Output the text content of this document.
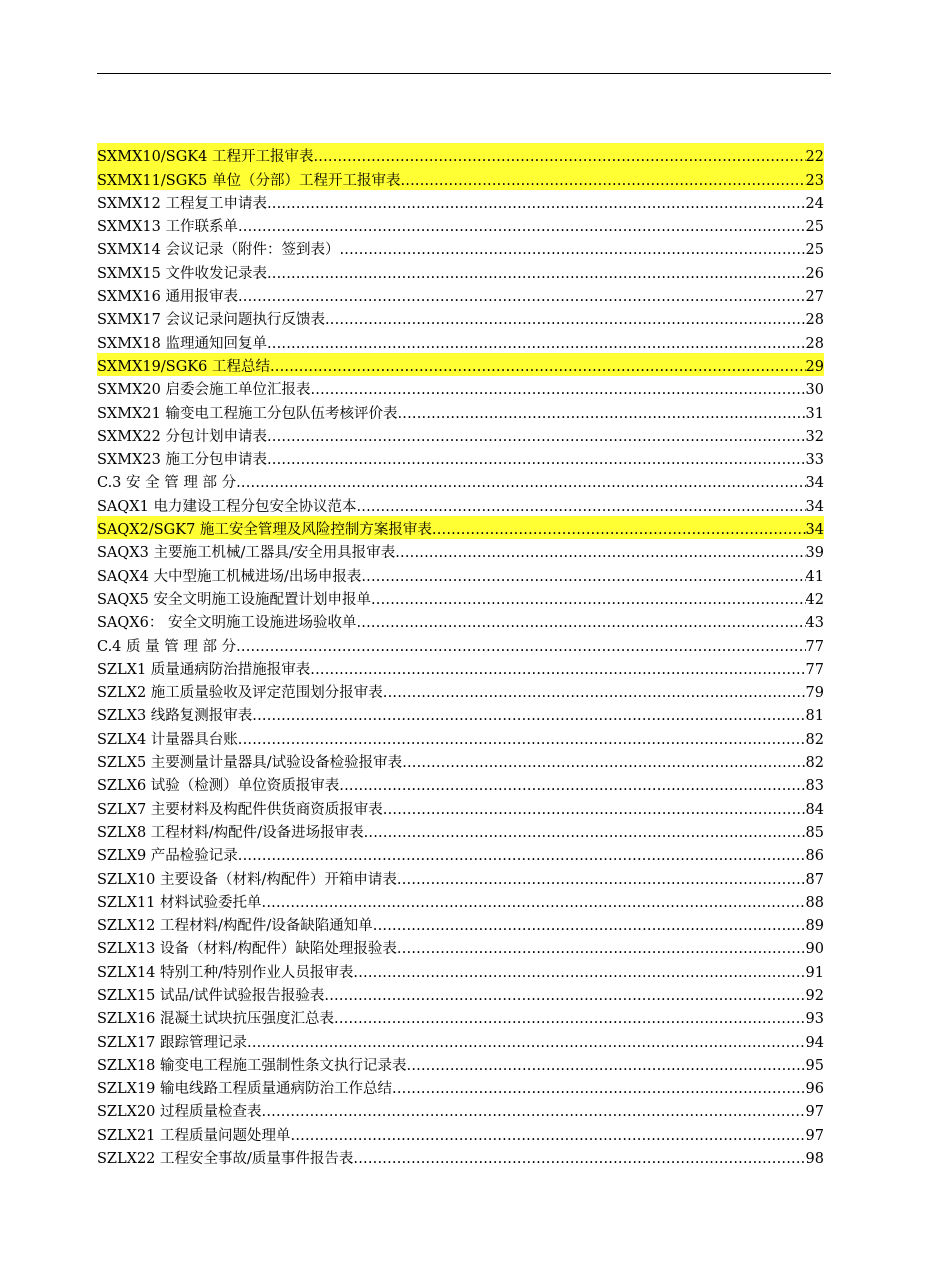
SXMX10/SGK4 工程开工报审表 .....	22
SXMX11/SGK5 单位（分部）工程开工报审表 .....	23
SXMX12 工程复工申请表 .....	24
SXMX13 工作联系单 .....	25
SXMX14 会议记录（附件：签到表） .....	25
SXMX15 文件收发记录表 .....	26
SXMX16 通用报审表 .....	27
SXMX17 会议记录问题执行反馈表 .....	28
SXMX18 监理通知回复单 .....	28
SXMX19/SGK6 工程总结 .....	29
SXMX20 启委会施工单位汇报表 .....	30
SXMX21 输变电工程施工分包队伍考核评价表 .....	31
SXMX22 分包计划申请表 .....	32
SXMX23 施工分包申请表 .....	33
C.3 安 全 管 理 部 分 .....	34
SAQX1 电力建设工程分包安全协议范本 .....	34
SAQX2/SGK7 施工安全管理及风险控制方案报审表 .....	34
SAQX3 主要施工机械/工器具/安全用具报审表 .....	39
SAQX4 大中型施工机械进场/出场申报表 .....	41
SAQX5 安全文明施工设施配置计划申报单 .....	42
SAQX6： 安全文明施工设施进场验收单 .....	43
C.4 质 量 管 理 部 分 .....	77
SZLX1 质量通病防治措施报审表 .....	77
SZLX2 施工质量验收及评定范围划分报审表 .....	79
SZLX3 线路复测报审表 .....	81
SZLX4 计量器具台账 .....	82
SZLX5 主要测量计量器具/试验设备检验报审表 .....	82
SZLX6 试验（检测）单位资质报审表 .....	83
SZLX7 主要材料及构配件供货商资质报审表 .....	84
SZLX8 工程材料/构配件/设备进场报审表 .....	85
SZLX9 产品检验记录 .....	86
SZLX10 主要设备（材料/构配件）开箱申请表 .....	87
SZLX11 材料试验委托单 .....	88
SZLX12 工程材料/构配件/设备缺陷通知单 .....	89
SZLX13 设备（材料/构配件）缺陷处理报验表 .....	90
SZLX14 特别工种/特别作业人员报审表 .....	91
SZLX15 试品/试件试验报告报验表 .....	92
SZLX16 混凝土试块抗压强度汇总表 .....	93
SZLX17 跟踪管理记录 .....	94
SZLX18 输变电工程施工强制性条文执行记录表 .....	95
SZLX19 输电线路工程质量通病防治工作总结 .....	96
SZLX20 过程质量检查表 .....	97
SZLX21 工程质量问题处理单 .....	97
SZLX22 工程安全事故/质量事件报告表 .....	98
